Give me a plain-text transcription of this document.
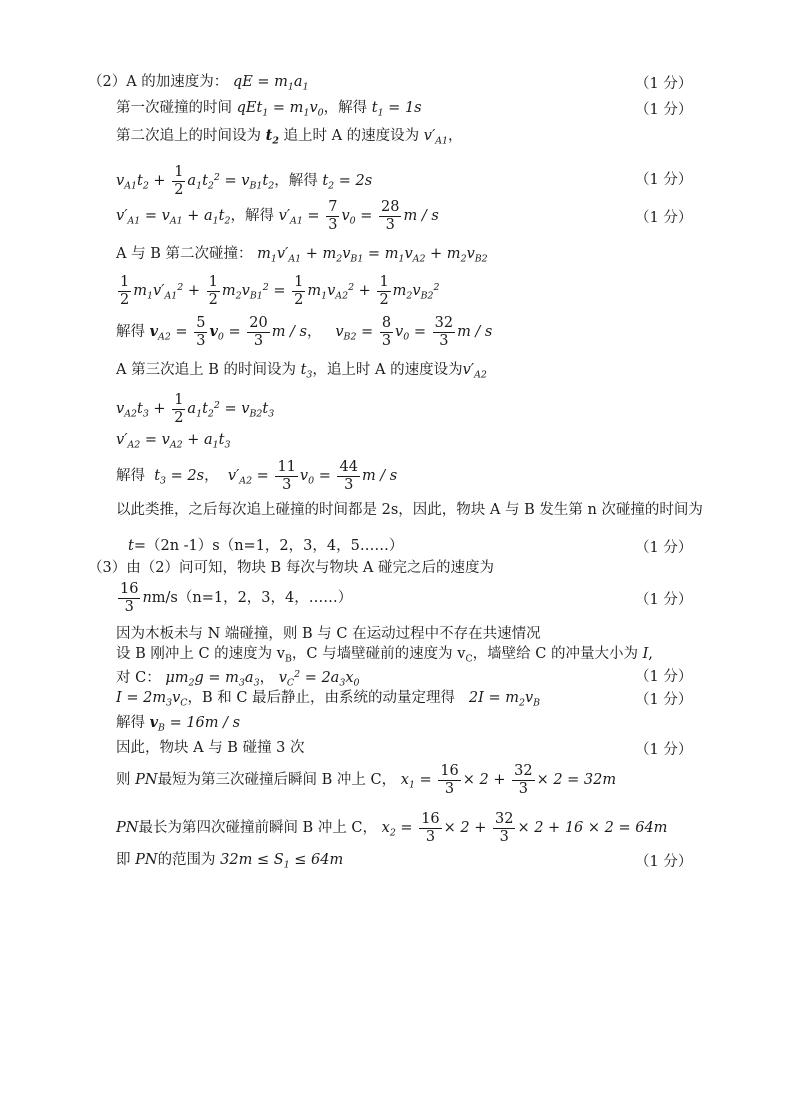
（2）A 的加速度为： qE = $m_1a_1$	（1 分）
第一次碰撞的时间 $qEt_1 = m_1v_0$，解得 $t_1 = 1s$	（1 分）
第二次追上的时间设为 $t_2$ 追上时 A 的速度设为 $v'_{A1}$，
$v_{A1}t_2 + \frac{1}{2} a_1t_2^2 = v_{B1}t_2$，解得 $t_2 = 2s$	（1 分）
$v'_{A1} = v_{A1} + a_1t_2$，解得 $v'_{A1} = \frac{7}{3} v_0 = \frac{28}{3}$ m / s	（1 分）
A 与 B 第二次碰撞： $m_1v'_{A1} + m_2v_{B1} = m_1v_{A2} + m_2v_{B2}$
$\frac{1}{2} m_1v'_{A1}^2 + \frac{1}{2} m_2v_{B1}^2 = \frac{1}{2} m_1v_{A2}^2 + \frac{1}{2} m_2v_{B2}^2$
解得 $v_{A2} = \frac{5}{3} v_0 = \frac{20}{3}$ m / s，   $v_{B2} = \frac{8}{3} v_0 = \frac{32}{3}$ m / s
A 第三次追上 B 的时间设为 $t_3$，追上时 A 的速度设为$v'_{A2}$
$v_{A2}t_3 + \frac{1}{2} a_1t_2^2 = v_{B2}t_3$
$v'_{A2} = v_{A2} + a_1t_3$
解得 $t_3 = 2s$，  $v'_{A2} = \frac{11}{3} v_0 = \frac{44}{3}$ m / s
以此类推，之后每次追上碰撞的时间都是 2s，因此，物块 A 与 B 发生第 n 次碰撞的时间为
t=（2n -1）s（n=1，2，3，4，5……）	（1 分）
（3）由（2）问可知，物块 B 每次与物块 A 碰完之后的速度为
$\frac{16}{3} nm/s(n=1$，2，3，4，……）	（1 分）
因为木板未与 N 端碰撞，则 B 与 C 在运动过程中不存在共速情况
设 B 刚冲上 C 的速度为 $v_B$，C 与墙壁碰前的速度为 $v_C$，墙壁给 C 的冲量大小为 I,
对 C： $\mu m_2g = m_3a_3$， $v_C^2 = 2a_3x_0$	（1 分）
$I = 2m_3v_C$，B 和 C 最后静止，由系统的动量定理得 $2I = m_2v_B$	（1 分）
解得 $v_B = 16m / s$
因此，物块 A 与 B 碰撞 3 次	（1 分）
则 PN最短为第三次碰撞后瞬间 B 冲上 C， $x_1 = \frac{16}{3} \times 2 + \frac{32}{3} \times 2 = 32m$
PN最长为第四次碰撞前瞬间 B 冲上 C， $x_2 = \frac{16}{3} \times 2 + \frac{32}{3} \times 2 + 16 \times 2 = 64m$
即 PN的范围为 $32m \le S_1 \le 64m$	（1 分）
